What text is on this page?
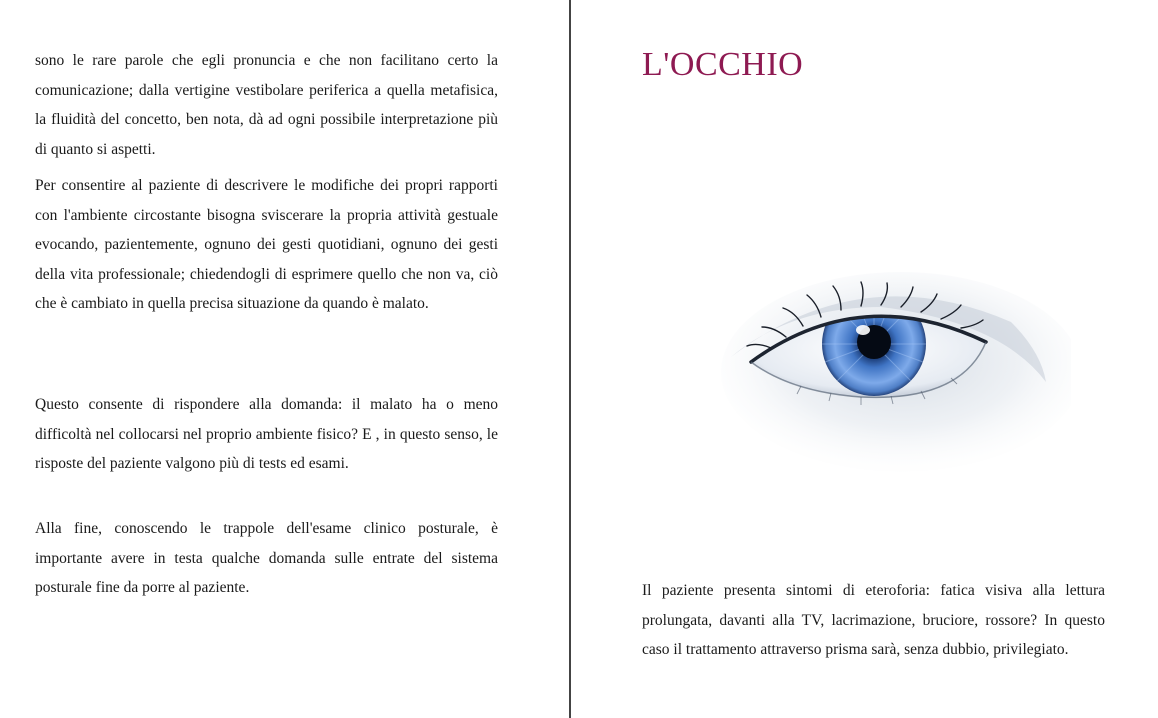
sono le rare parole che egli pronuncia e che non facilitano certo la comunicazione; dalla vertigine vestibolare periferica a quella metafisica, la fluidità del concetto, ben nota, dà ad ogni possibile interpretazione più di quanto si aspetti.

Per consentire al paziente di descrivere le modifiche dei propri rapporti con l'ambiente circostante bisogna sviscerare la propria attività gestuale evocando, pazientemente, ognuno dei gesti quotidiani, ognuno dei gesti della vita professionale; chiedendogli di esprimere quello che non va, ciò che è cambiato in quella precisa situazione da quando è malato.

Questo consente di rispondere alla domanda: il malato ha o meno difficoltà nel collocarsi nel proprio ambiente fisico? E , in questo senso, le risposte del paziente valgono più di tests ed esami.

Alla fine, conoscendo le trappole dell'esame clinico posturale, è importante avere in testa qualche domanda sulle entrate del sistema posturale fine da porre al paziente.

L'OCCHIO

Il paziente presenta sintomi di eteroforia: fatica visiva alla lettura prolungata, davanti alla TV, lacrimazione, bruciore, rossore? In questo caso il trattamento attraverso prisma sarà, senza dubbio, privilegiato.
